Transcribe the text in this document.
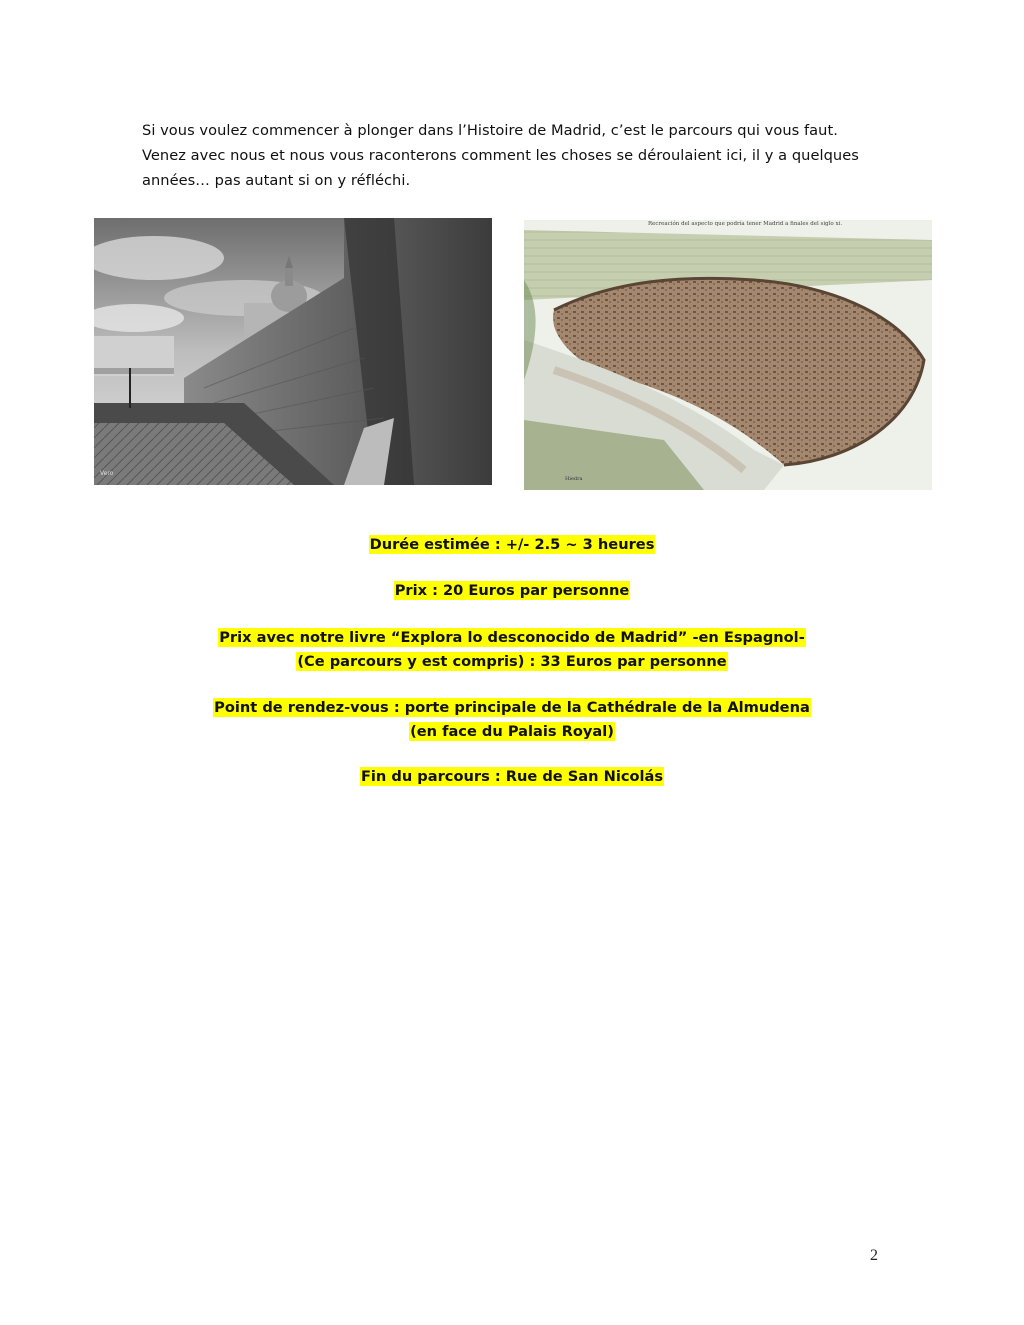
Si vous voulez commencer à plonger dans l’Histoire de Madrid, c’est le parcours qui vous faut.
Venez avec nous et nous vous raconterons comment les choses se déroulaient ici, il y a quelques
années… pas autant si on y réfléchi.
Vero
Recreación del aspecto que podría tener Madrid a finales del siglo xi.
Hiedra
Durée estimée : +/- 2.5 ~ 3 heures
Prix : 20 Euros par personne
Prix avec notre livre “Explora lo desconocido de Madrid” -en Espagnol-
(Ce parcours y est compris) : 33 Euros par personne
Point de rendez-vous : porte principale de la Cathédrale de la Almudena
(en face du Palais Royal)
Fin du parcours : Rue de San Nicolás
2
